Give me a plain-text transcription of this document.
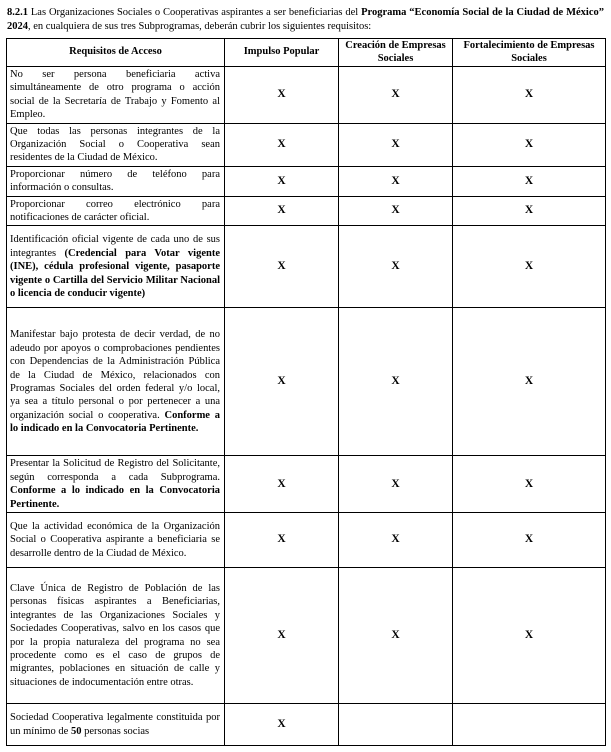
8.2.1 Las Organizaciones Sociales o Cooperativas aspirantes a ser beneficiarias del Programa “Economía Social de la Ciudad de México” 2024, en cualquiera de sus tres Subprogramas, deberán cubrir los siguientes requisitos:

Requisitos de Acceso	Impulso Popular	Creación de Empresas Sociales	Fortalecimiento de Empresas Sociales
No ser persona beneficiaria activa simultáneamente de otro programa o acción social de la Secretaría de Trabajo y Fomento al Empleo.	X	X	X
Que todas las personas integrantes de la Organización Social o Cooperativa sean residentes de la Ciudad de México.	X	X	X
Proporcionar número de teléfono para información o consultas.	X	X	X
Proporcionar correo electrónico para notificaciones de carácter oficial.	X	X	X
Identificación oficial vigente de cada uno de sus integrantes (Credencial para Votar vigente (INE), cédula profesional vigente, pasaporte vigente o Cartilla del Servicio Militar Nacional o licencia de conducir vigente)	X	X	X
Manifestar bajo protesta de decir verdad, de no adeudo por apoyos o comprobaciones pendientes con Dependencias de la Administración Pública de la Ciudad de México, relacionados con Programas Sociales del orden federal y/o local, ya sea a título personal o por pertenecer a una organización social o cooperativa. Conforme a lo indicado en la Convocatoria Pertinente.	X	X	X
Presentar la Solicitud de Registro del Solicitante, según corresponda a cada Subprograma. Conforme a lo indicado en la Convocatoria Pertinente.	X	X	X
Que la actividad económica de la Organización Social o Cooperativa aspirante a beneficiaria se desarrolle dentro de la Ciudad de México.	X	X	X
Clave Única de Registro de Población de las personas físicas aspirantes a Beneficiarias, integrantes de las Organizaciones Sociales y Sociedades Cooperativas, salvo en los casos que por la propia naturaleza del programa no sea procedente como es el caso de grupos de migrantes, poblaciones en situación de calle y situaciones de indocumentación entre otras.	X	X	X
Sociedad Cooperativa legalmente constituida por un mínimo de 50 personas socias	X		
